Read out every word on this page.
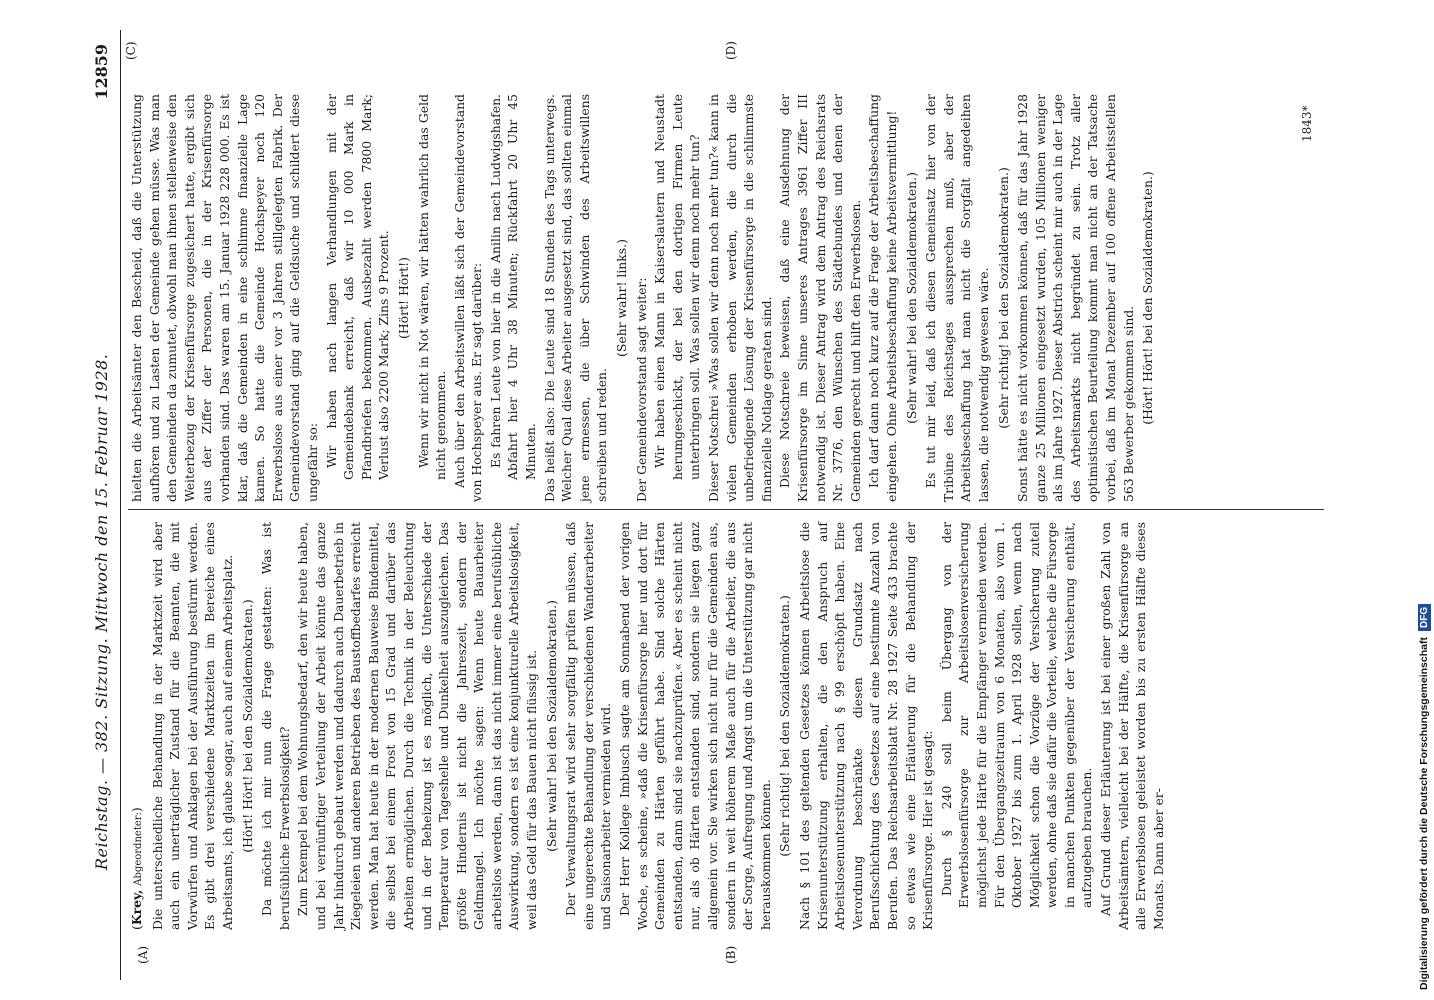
Reichstag. — 382. Sitzung. Mittwoch den 15. Februar 1928.
12859
(A)	(B)
(C)	(D)

(Krey, Abgeordneter:) Die unterschiedliche Behandlung in der Marktzeit wird aber auch ein unerträglicher Zustand für die Beamten, die mit Vorwürfen und Anklagen bei der Ausführung bestürmt werden. Es gibt drei verschiedene Marktzeiten im Bereiche eines Arbeitsamts, ich glaube sogar, auch auf einem Arbeitsplatz. (Hört! Hört! bei den Sozialdemokraten.) Da möchte ich mir nun die Frage gestatten: Was ist berufsübliche Erwerbslosigkeit? Zum Exempel bei dem Wohnungsbedarf, den wir heute haben, und bei vernünftiger Verteilung der Arbeit könnte das ganze Jahr hindurch gebaut werden und dadurch auch Dauerbetrieb in Ziegeleien und anderen Betrieben des Baustoffbedarfes erreicht werden. Man hat heute in der modernen Bauweise Bindemittel, die selbst bei einem Frost von 15 Grad und darüber das Arbeiten ermöglichen. Durch die Technik in der Beleuchtung und in der Beheizung ist es möglich, die Unterschiede der Temperatur von Tageshelle und Dunkelheit auszugleichen. Das größte Hindernis ist nicht die Jahreszeit, sondern der Geldmangel. Ich möchte sagen: Wenn heute Bauarbeiter arbeitslos werden, dann ist das nicht immer eine berufsübliche Auswirkung, sondern es ist eine konjunkturelle Arbeitslosigkeit, weil das Geld für das Bauen nicht flüssig ist. (Sehr wahr! bei den Sozialdemokraten.) Der Verwaltungsrat wird sehr sorgfältig prüfen müssen, daß eine ungerechte Behandlung der verschiedenen Wanderarbeiter und Saisonarbeiter vermieden wird. Der Herr Kollege Imbusch sagte am Sonnabend der vorigen Woche, es scheine, »daß die Krisenfürsorge hier und dort für Gemeinden zu Härten geführt habe. Sind solche Härten entstanden, dann sind sie nachzuprüfen.« Aber es scheint nicht nur, als ob Härten entstanden sind, sondern sie liegen ganz allgemein vor. Sie wirken sich nicht nur für die Gemeinden aus, sondern in weit höherem Maße auch für die Arbeiter, die aus der Sorge, Aufregung und Angst um die Unterstützung gar nicht herauskommen können. (Sehr richtig! bei den Sozialdemokraten.) Nach § 101 des geltenden Gesetzes können Arbeitslose die Krisenunterstützung erhalten, die den Anspruch auf Arbeitslosenunterstützung nach § 99 erschöpft haben. Eine Verordnung beschränkte diesen Grundsatz nach Berufsschichtung des Gesetzes auf eine bestimmte Anzahl von Berufen. Das Reichsarbeitsblatt Nr. 28 1927 Seite 433 brachte so etwas wie eine Erläuterung für die Behandlung der Krisenfürsorge. Hier ist gesagt: Durch § 240 soll beim Übergang von der Erwerbslosenfürsorge zur Arbeitslosenversicherung möglichst jede Härte für die Empfänger vermieden werden. Für den Übergangszeitraum von 6 Monaten, also vom 1. Oktober 1927 bis zum 1. April 1928 sollen, wenn nach Möglichkeit schon die Vorzüge der Versicherung zuteil werden, ohne daß sie dafür die Vorteile, welche die Fürsorge in manchen Punkten gegenüber der Versicherung enthält, aufzugeben brauchen. Auf Grund dieser Erläuterung ist bei einer großen Zahl von Arbeitsämtern, vielleicht bei der Hälfte, die Krisenfürsorge an alle Erwerbslosen geleistet worden bis zu ersten Hälfte dieses Monats. Dann aber er-

hielten die Arbeitsämter den Bescheid, daß die Unterstützung aufhören und zu Lasten der Gemeinde gehen müsse. Was man den Gemeinden da zumutet, obwohl man ihnen stellenweise den Weiterbezug der Krisenfürsorge zugesichert hatte, ergibt sich aus der Ziffer der Personen, die in der Krisenfürsorge vorhanden sind. Das waren am 15. Januar 1928 228 000. Es ist klar, daß die Gemeinden in eine schlimme finanzielle Lage kamen. So hatte die Gemeinde Hochspeyer noch 120 Erwerbslose aus einer vor 3 Jahren stillgelegten Fabrik. Der Gemeindevorstand ging auf die Geldsuche und schildert diese ungefähr so: Wir haben nach langen Verhandlungen mit der Gemeindebank erreicht, daß wir 10 000 Mark in Pfandbriefen bekommen. Ausbezahlt werden 7800 Mark; Verlust also 2200 Mark; Zins 9 Prozent. (Hört! Hört!) Wenn wir nicht in Not wären, wir hätten wahrlich das Geld nicht genommen. Auch über den Arbeitswillen läßt sich der Gemeindevorstand von Hochspeyer aus. Er sagt darüber: Es fahren Leute von hier in die Anilin nach Ludwigshafen. Abfahrt hier 4 Uhr 38 Minuten; Rückfahrt 20 Uhr 45 Minuten. Das heißt also: Die Leute sind 18 Stunden des Tags unterwegs. Welcher Qual diese Arbeiter ausgesetzt sind, das sollten einmal jene ermessen, die über Schwinden des Arbeitswillens schreiben und reden.

(Sehr wahr! links.) Der Gemeindevorstand sagt weiter: Wir haben einen Mann in Kaiserslautern und Neustadt herumgeschickt, der bei den dortigen Firmen Leute unterbringen soll. Was sollen wir denn noch mehr tun? Dieser Notschrei »Was sollen wir denn noch mehr tun?« kann in vielen Gemeinden erhoben werden, die durch die unbefriedigende Lösung der Krisenfürsorge in die schlimmste finanzielle Notlage geraten sind. Diese Notschreie beweisen, daß eine Ausdehnung der Krisenfürsorge im Sinne unseres Antrages 3961 Ziffer III notwendig ist. Dieser Antrag wird dem Antrag des Reichsrats Nr. 3776, den Wünschen des Städtebundes und denen der Gemeinden gerecht und hilft den Erwerbslosen. Ich darf dann noch kurz auf die Frage der Arbeitsbeschaffung eingehen. Ohne Arbeitsbeschaffung keine Arbeitsvermittlung! (Sehr wahr! bei den Sozialdemokraten.) Es tut mir leid, daß ich diesen Gemeinsatz hier von der Tribüne des Reichstages aussprechen muß, aber der Arbeitsbeschaffung hat man nicht die Sorgfalt angedeihen lassen, die notwendig gewesen wäre. (Sehr richtig! bei den Sozialdemokraten.) Sonst hätte es nicht vorkommen können, daß für das Jahr 1928 ganze 25 Millionen eingesetzt wurden, 105 Millionen weniger als im Jahre 1927. Dieser Abstrich scheint mir auch in der Lage des Arbeitsmarkts nicht begründet zu sein. Trotz aller optimistischen Beurteilung kommt man nicht an der Tatsache vorbei, daß im Monat Dezember auf 100 offene Arbeitsstellen 563 Bewerber gekommen sind. (Hört! Hört! bei den Sozialdemokraten.)

1843*
Digitalisierung gefördert durch die Deutsche ForschungsgemeinschaftDFG
